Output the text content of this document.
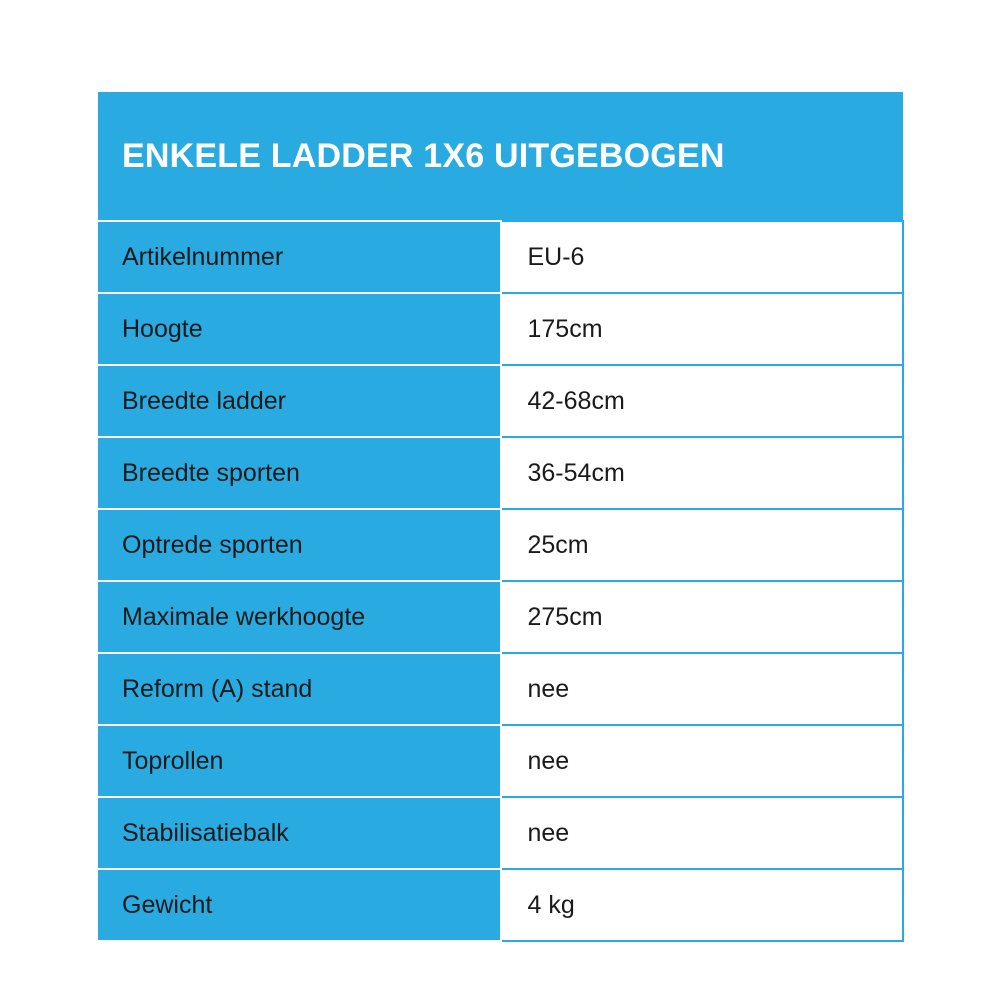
ENKELE LADDER 1X6 UITGEBOGEN	
Artikelnummer	EU-6
Hoogte	175cm
Breedte ladder	42-68cm
Breedte sporten	36-54cm
Optrede sporten	25cm
Maximale werkhoogte	275cm
Reform (A) stand	nee
Toprollen	nee
Stabilisatiebalk	nee
Gewicht	4 kg
